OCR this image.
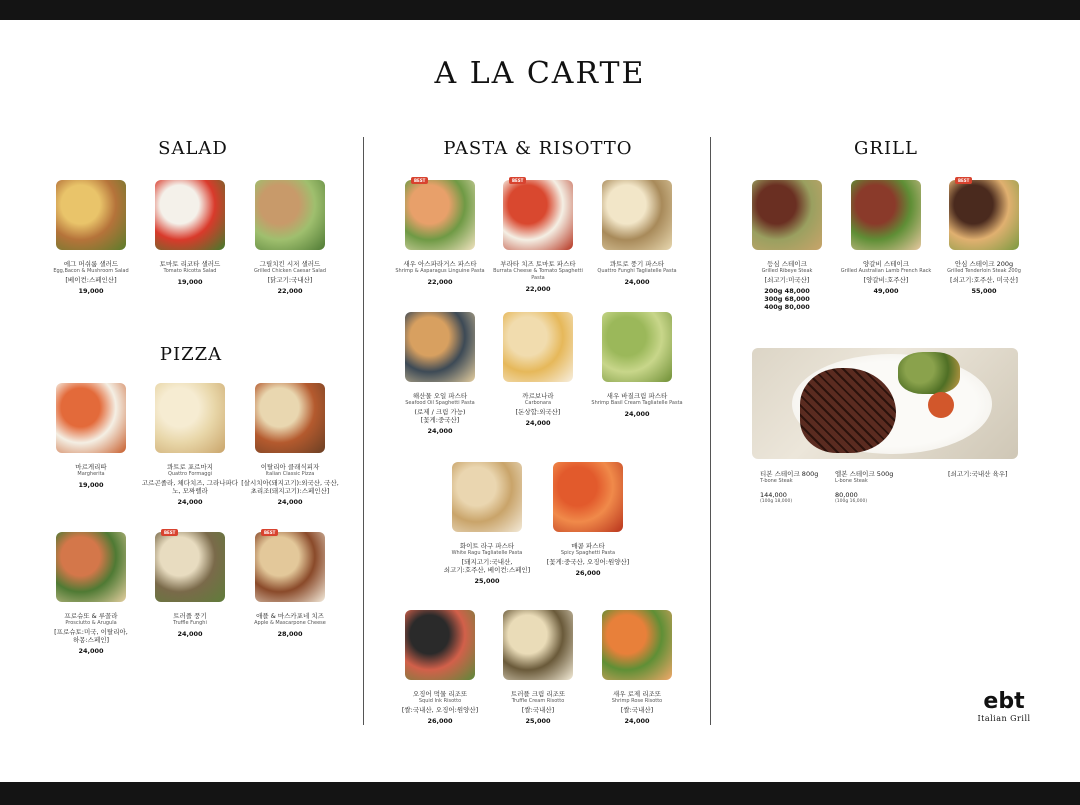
A LA CARTE
SALAD
PIZZA
PASTA & RISOTTO	GRILL
에그 머쉬룸 샐러드
Egg,Bacon & Mushroom Salad
[베이컨:스페인산]
19,000
토마토 리코타 샐러드
Tomato Ricotta Salad
19,000
그릴치킨 시저 샐러드
Grilled Chicken Caesar Salad
[닭고기:국내산]
22,000
마르게리따
Margherita
19,000
콰트로 포르마지
Quattro Formaggi
고르곤졸라, 체다치즈, 그라나파다노, 모짜렐라
24,000
이탈리아 클래식피자
Italian Classic Pizza
[살시치아(돼지고기):외국산, 국산,
초리조(돼지고기):스페인산]
24,000
프로슈또 & 루꼴라
Prosciutto & Arugula
[프로슈토:미국, 이탈리아,
하몽:스페인]
24,000
BEST
트러플 풍기
Truffle Funghi
24,000
BEST
애플 & 마스카포네 치즈
Apple & Mascarpone Cheese
28,000
BEST
새우 아스파라거스 파스타
Shrimp & Asparagus Linguine Pasta
22,000
BEST
부라타 치즈 토마토 파스타
Burrata Cheese & Tomato Spaghetti Pasta
22,000
콰트로 풍기 파스타
Quattro Funghi Tagliatelle Pasta
24,000
해산물 오일 파스타
Seafood Oil Spaghetti Pasta
(로제 / 크림 가능)
[꽃게:중국산]
24,000
까르보나라
Carbonara
[돈상합:외국산]
24,000
새우 바질크림 파스타
Shrimp Basil Cream Tagliatelle Pasta
24,000
화이트 라구 파스타
White Ragu Tagliatelle Pasta
[돼지고기:국내산,
쇠고기:호주산, 베이컨:스페인]
25,000
매콤 파스타
Spicy Spaghetti Pasta
[꽃게:중국산, 오징어:원양산]
26,000
오징어 먹물 리조또
Squid Ink Risotto
[쌀:국내산, 오징어:원양산]
26,000
트러플 크림 리조또
Truffle Cream Risotto
[쌀:국내산]
25,000
새우 로제 리조또
Shrimp Rose Risotto
[쌀:국내산]
24,000
등심 스테이크
Grilled Ribeye Steak
[쇠고기:미국산]
200g 48,000
300g 68,000
400g 80,000
양갈비 스테이크
Grilled Australian Lamb French Rack
[양갈비:호주산]
49,000
BEST
안심 스테이크 200g
Grilled Tenderloin Steak 200g
[쇠고기:호주산, 미국산]
55,000
티본 스테이크 800g
T-bone Steak
144,000
(100g 18,000)
엘본 스테이크 500g
L-bone Steak
80,000
(100g 16,000)
[쇠고기:국내산 육우]
ebt
Italian Grill
